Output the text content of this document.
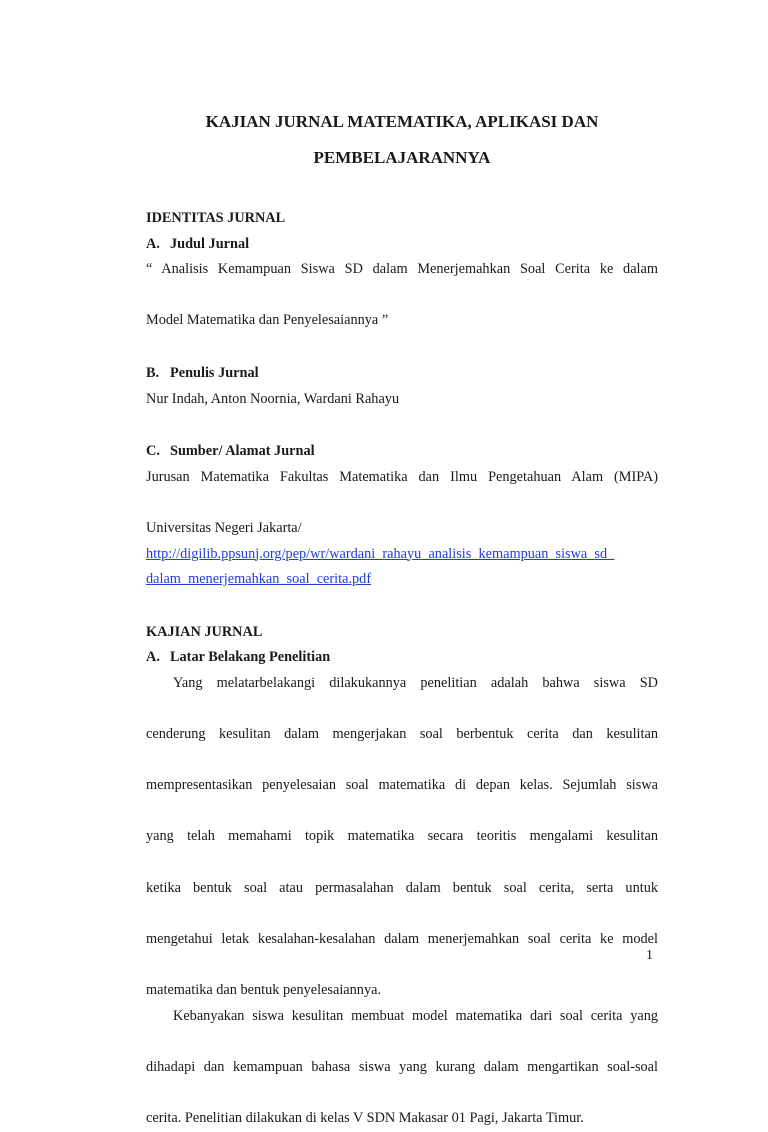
KAJIAN JURNAL MATEMATIKA, APLIKASI DAN
PEMBELAJARANNYA
IDENTITAS JURNAL
A. Judul Jurnal
“ Analisis Kemampuan Siswa SD dalam Menerjemahkan Soal Cerita ke dalam
Model Matematika dan Penyelesaiannya ”
B. Penulis Jurnal
Nur Indah, Anton Noornia, Wardani Rahayu
C. Sumber/ Alamat Jurnal
Jurusan Matematika Fakultas Matematika dan Ilmu Pengetahuan Alam (MIPA)
Universitas Negeri Jakarta/
http://digilib.ppsunj.org/pep/wr/wardani_rahayu_analisis_kemampuan_siswa_sd_
dalam_menerjemahkan_soal_cerita.pdf
KAJIAN JURNAL
A. Latar Belakang Penelitian
Yang melatarbelakangi dilakukannya penelitian adalah bahwa siswa SD
cenderung kesulitan dalam mengerjakan soal berbentuk cerita dan kesulitan
mempresentasikan penyelesaian soal matematika di depan kelas. Sejumlah siswa
yang telah memahami topik matematika secara teoritis mengalami kesulitan
ketika bentuk soal atau permasalahan dalam bentuk soal cerita, serta untuk
mengetahui letak kesalahan-kesalahan dalam menerjemahkan soal cerita ke model
matematika dan bentuk penyelesaiannya.
Kebanyakan siswa kesulitan membuat model matematika dari soal cerita yang
dihadapi dan kemampuan bahasa siswa yang kurang dalam mengartikan soal-soal
cerita. Penelitian dilakukan di kelas V SDN Makasar 01 Pagi, Jakarta Timur.
1
